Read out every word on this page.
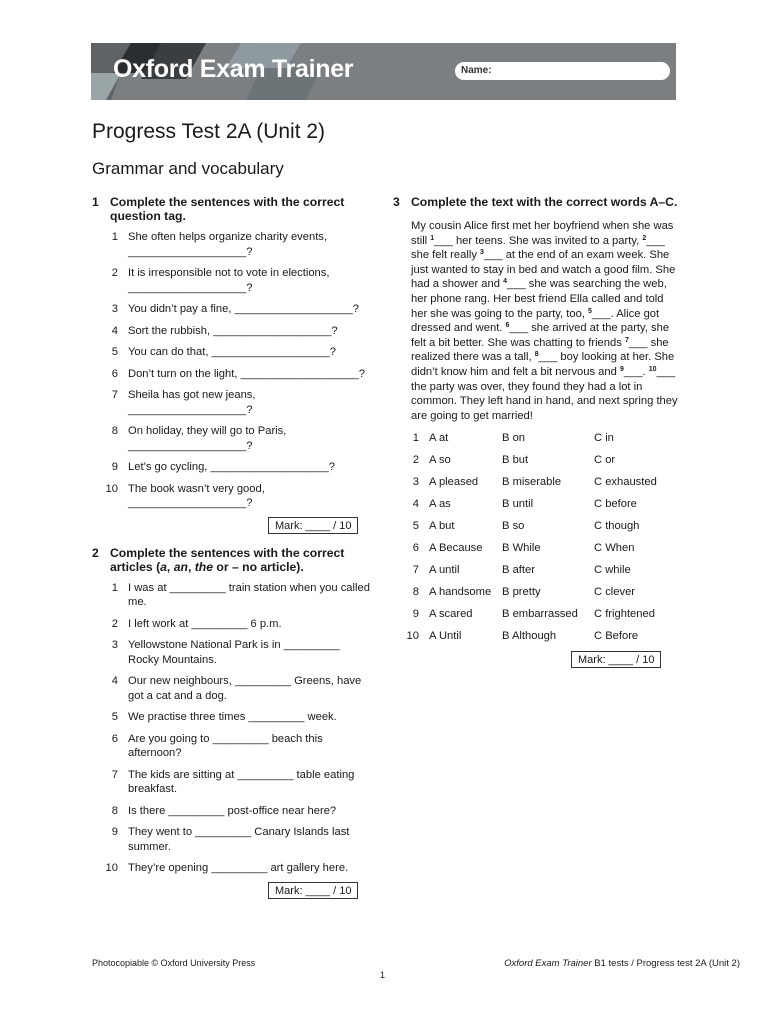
Oxford Exam Trainer	Name:
Progress Test 2A (Unit 2)
Grammar and vocabulary
1 Complete the sentences with the correct question tag.
1 She often helps organize charity events, ___________________?
2 It is irresponsible not to vote in elections, ___________________?
3 You didn’t pay a fine, ___________________?
4 Sort the rubbish, ___________________?
5 You can do that, ___________________?
6 Don’t turn on the light, ___________________?
7 Sheila has got new jeans, ___________________?
8 On holiday, they will go to Paris, ___________________?
9 Let’s go cycling, ___________________?
10 The book wasn’t very good, ___________________?
Mark: ____ / 10
2 Complete the sentences with the correct articles (a, an, the or – no article).
1 I was at _________ train station when you called me.
2 I left work at _________ 6 p.m.
3 Yellowstone National Park is in _________ Rocky Mountains.
4 Our new neighbours, _________ Greens, have got a cat and a dog.
5 We practise three times _________ week.
6 Are you going to _________ beach this afternoon?
7 The kids are sitting at _________ table eating breakfast.
8 Is there _________ post-office near here?
9 They went to _________ Canary Islands last summer.
10 They’re opening _________ art gallery here.
Mark: ____ / 10
3 Complete the text with the correct words A–C.
My cousin Alice first met her boyfriend when she was still $^1$___ her teens. She was invited to a party, $^2$___ she felt really $^3$___ at the end of an exam week. She just wanted to stay in bed and watch a good film. She had a shower and $^4$___ she was searching the web, her phone rang. Her best friend Ella called and told her she was going to the party, too, $^5$___. Alice got dressed and went. $^6$___ she arrived at the party, she felt a bit better. She was chatting to friends $^7$___ she realized there was a tall, $^8$___ boy looking at her. She didn’t know him and felt a bit nervous and $^9$___. $^{10}$___ the party was over, they found they had a lot in common. They left hand in hand, and next spring they are going to get married!
1 A at	B on	C in
2 A so	B but	C or
3 A pleased B miserable	C exhausted
4 A as	B until	C before
5 A but	B so	C though
6 A Because B While	C When
7 A until	B after	C while
8 A handsome B pretty	C clever
9 A scared	B embarrassed C frightened
10 A Until	B Although	C Before
Mark: ____ / 10
Photocopiable © Oxford University Press	Oxford Exam Trainer B1 tests / Progress test 2A (Unit 2)
1
